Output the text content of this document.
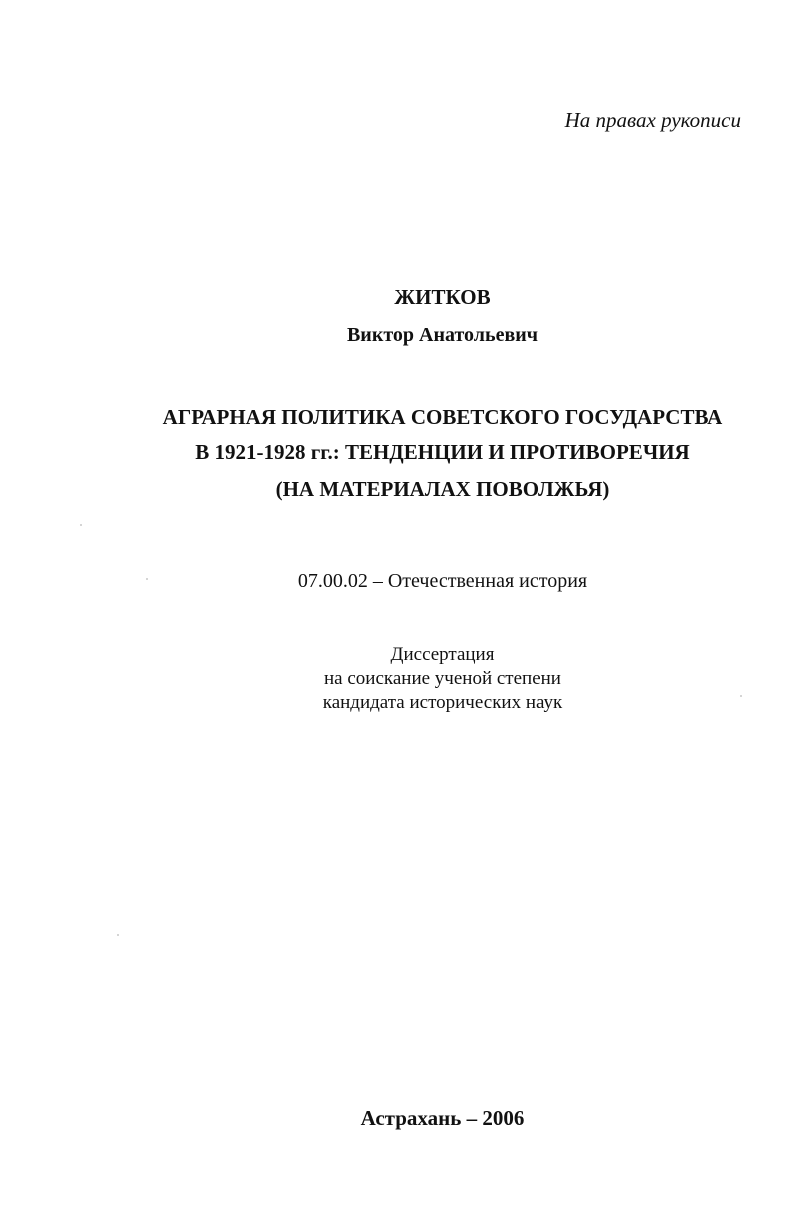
На правах рукописи
ЖИТКОВ
Виктор Анатольевич
АГРАРНАЯ ПОЛИТИКА СОВЕТСКОГО ГОСУДАРСТВА
В 1921-1928 гг.: ТЕНДЕНЦИИ И ПРОТИВОРЕЧИЯ
(НА МАТЕРИАЛАХ ПОВОЛЖЬЯ)
07.00.02 – Отечественная история
Диссертация
на соискание ученой степени
кандидата исторических наук
Астрахань – 2006
